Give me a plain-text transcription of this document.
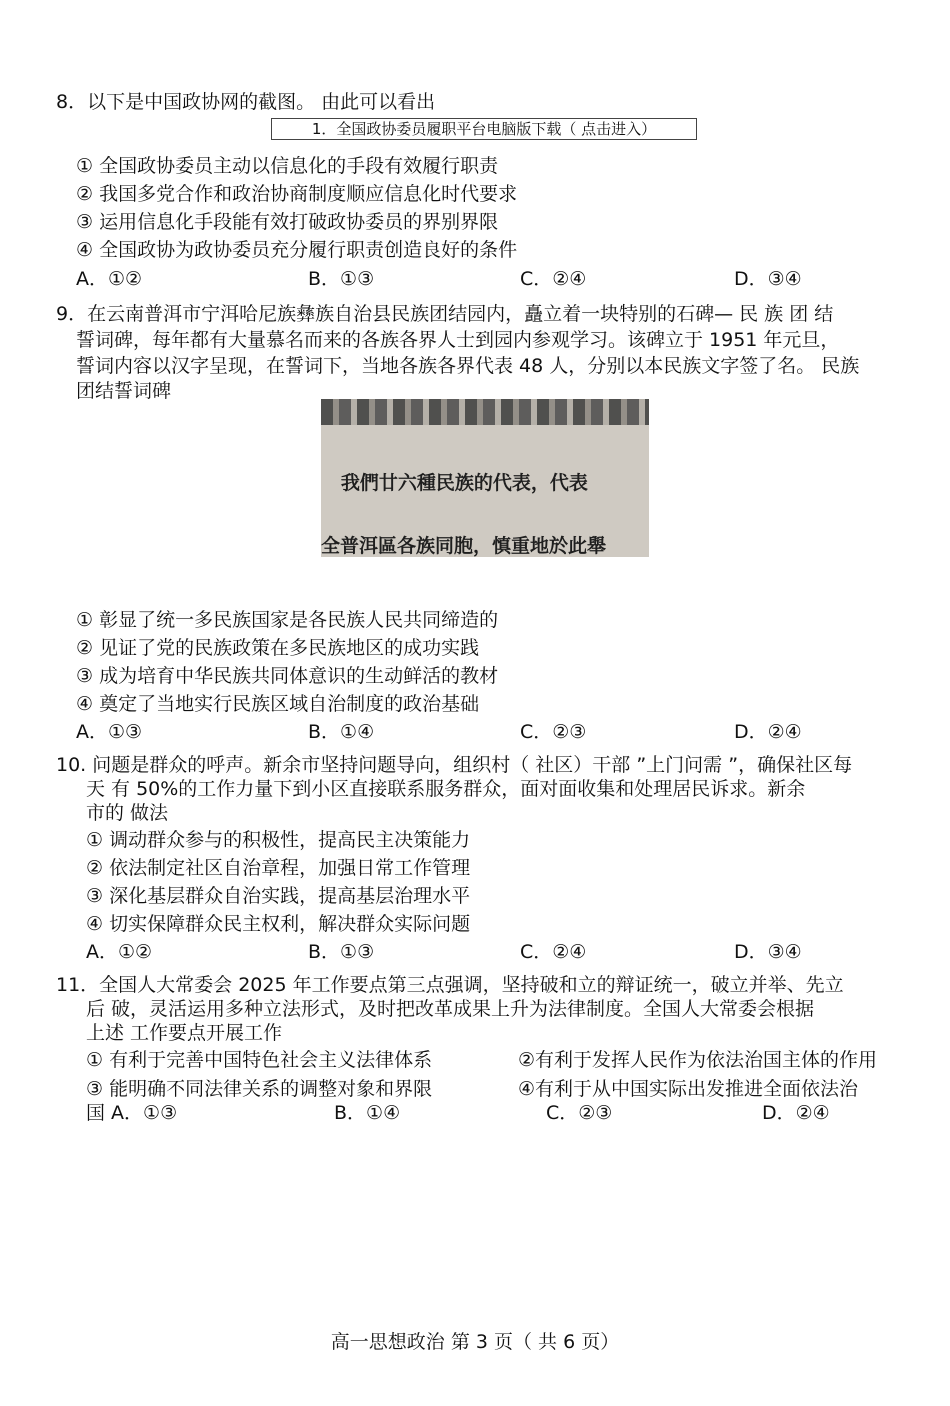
8．以下是中国政协网的截图。 由此可以看出
1．全国政协委员履职平台电脑版下载（ 点击进入）
① 全国政协委员主动以信息化的手段有效履行职责
② 我国多党合作和政治协商制度顺应信息化时代要求
③ 运用信息化手段能有效打破政协委员的界别界限
④ 全国政协为政协委员充分履行职责创造良好的条件
A．①②	B．①③	C．②④	D．③④
9．在云南普洱市宁洱哈尼族彝族自治县民族团结园内，矗立着一块特别的石碑— 民 族 团 结
誓词碑，每年都有大量慕名而来的各族各界人士到园内参观学习。该碑立于 1951 年元旦，
誓词内容以汉字呈现，在誓词下，当地各族各界代表 48 人，分别以本民族文字签了名。 民族
团结誓词碑

我們廿六種民族的代表，代表

全普洱區各族同胞，慎重地於此舉

① 彰显了统一多民族国家是各民族人民共同缔造的
② 见证了党的民族政策在多民族地区的成功实践
③ 成为培育中华民族共同体意识的生动鲜活的教材
④ 奠定了当地实行民族区域自治制度的政治基础
A．①③	B．①④	C．②③	D．②④
10. 问题是群众的呼声。新余市坚持问题导向，组织村（ 社区）干部 ”上门问需 ”，确保社区每
天 有 50%的工作力量下到小区直接联系服务群众，面对面收集和处理居民诉求。新余
市的 做法
① 调动群众参与的积极性，提高民主决策能力
② 依法制定社区自治章程，加强日常工作管理
③ 深化基层群众自治实践，提高基层治理水平
④ 切实保障群众民主权利，解决群众实际问题
A．①②	B．①③	C．②④	D．③④
11．全国人大常委会 2025 年工作要点第三点强调，坚持破和立的辩证统一，破立并举、先立
后 破，灵活运用多种立法形式，及时把改革成果上升为法律制度。全国人大常委会根据
上述 工作要点开展工作
① 有利于完善中国特色社会主义法律体系	②有利于发挥人民作为依法治国主体的作用
③ 能明确不同法律关系的调整对象和界限	④有利于从中国实际出发推进全面依法治
国 A．①③	B．①④	C．②③	D．②④
高一思想政治 第 3 页（ 共 6 页）
